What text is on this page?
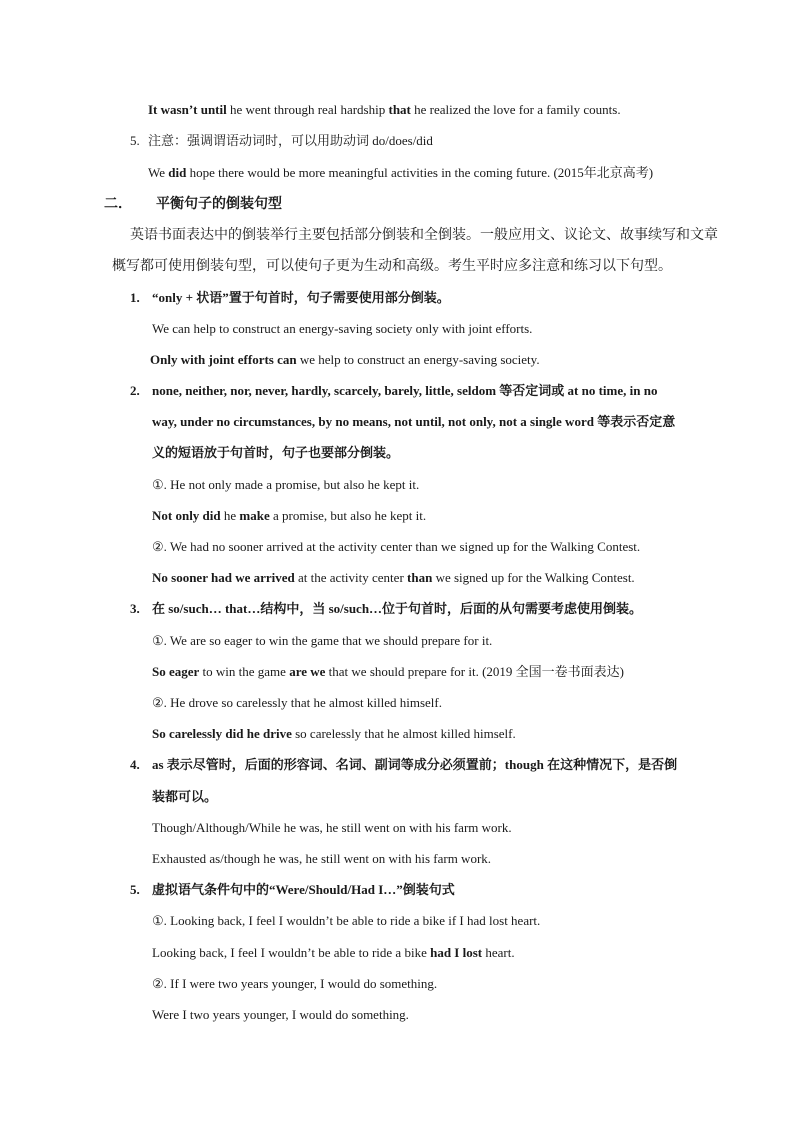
It wasn’t until he went through real hardship that he realized the love for a family counts.
5. 注意：强调谓语动词时，可以用助动词 do/does/did
We did hope there would be more meaningful activities in the coming future. (2015年北京高考)
二． 平衡句子的倒装句型
英语书面表达中的倒装举行主要包括部分倒装和全倒装。一般应用文、议论文、故事续写和文章
概写都可使用倒装句型，可以使句子更为生动和高级。考生平时应多注意和练习以下句型。
1. “only + 状语”置于句首时，句子需要使用部分倒装。
We can help to construct an energy-saving society only with joint efforts.
Only with joint efforts can we help to construct an energy-saving society.
2. none, neither, nor, never, hardly, scarcely, barely, little, seldom 等否定词或 at no time, in no
way, under no circumstances, by no means, not until, not only, not a single word 等表示否定意
义的短语放于句首时，句子也要部分倒装。
①. He not only made a promise, but also he kept it.
Not only did he make a promise, but also he kept it.
②. We had no sooner arrived at the activity center than we signed up for the Walking Contest.
No sooner had we arrived at the activity center than we signed up for the Walking Contest.
3. 在 so/such… that…结构中，当 so/such…位于句首时，后面的从句需要考虑使用倒装。
①. We are so eager to win the game that we should prepare for it.
So eager to win the game are we that we should prepare for it. (2019 全国一卷书面表达)
②. He drove so carelessly that he almost killed himself.
So carelessly did he drive so carelessly that he almost killed himself.
4. as 表示尽管时，后面的形容词、名词、副词等成分必须置前；though 在这种情况下，是否倒
装都可以。
Though/Although/While he was, he still went on with his farm work.
Exhausted as/though he was, he still went on with his farm work.
5. 虚拟语气条件句中的“Were/Should/Had I…”倒装句式
①. Looking back, I feel I wouldn’t be able to ride a bike if I had lost heart.
Looking back, I feel I wouldn’t be able to ride a bike had I lost heart.
②. If I were two years younger, I would do something.
Were I two years younger, I would do something.
